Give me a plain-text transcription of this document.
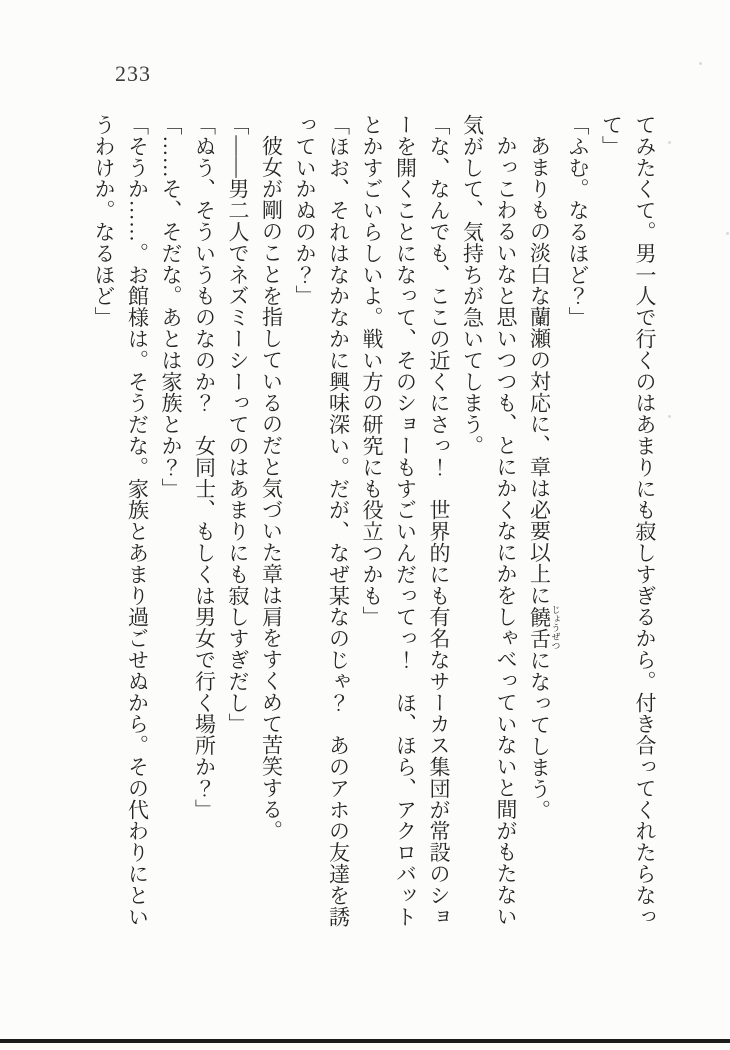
233

てみたくて。男一人で行くのはあまりにも寂しすぎるから。付き合ってくれたらなって」

「ふむ。なるほど？」

あまりもの淡白な蘭瀬の対応に、章は必要以上に饒舌 じょうぜつになってしまう。

かっこわるいなと思いつつも、とにかくなにかをしゃべっていないと間がもたない気がして、気持ちが急いてしまう。

「な、なんでも、ここの近くにさっ！　世界的にも有名なサーカス集団が常設のショーを開くことになって、そのショーもすごいんだってっ！　ほ、ほら、アクロバットとかすごいらしいよ。戦い方の研究にも役立つかも」

「ほお、それはなかなかに興味深い。だが、なぜ某なのじゃ？　あのアホの友達を誘っていかぬのか？」

彼女が剛のことを指しているのだと気づいた章は肩をすくめて苦笑する。

「――男二人でネズミーシーってのはあまりにも寂しすぎだし」

「ぬう、そういうものなのか？　女同士、もしくは男女で行く場所か？」

「……そ、そだな。あとは家族とか？」

「そうか……。お館様は。そうだな。家族とあまり過ごせぬから。その代わりにというわけか。なるほど」
